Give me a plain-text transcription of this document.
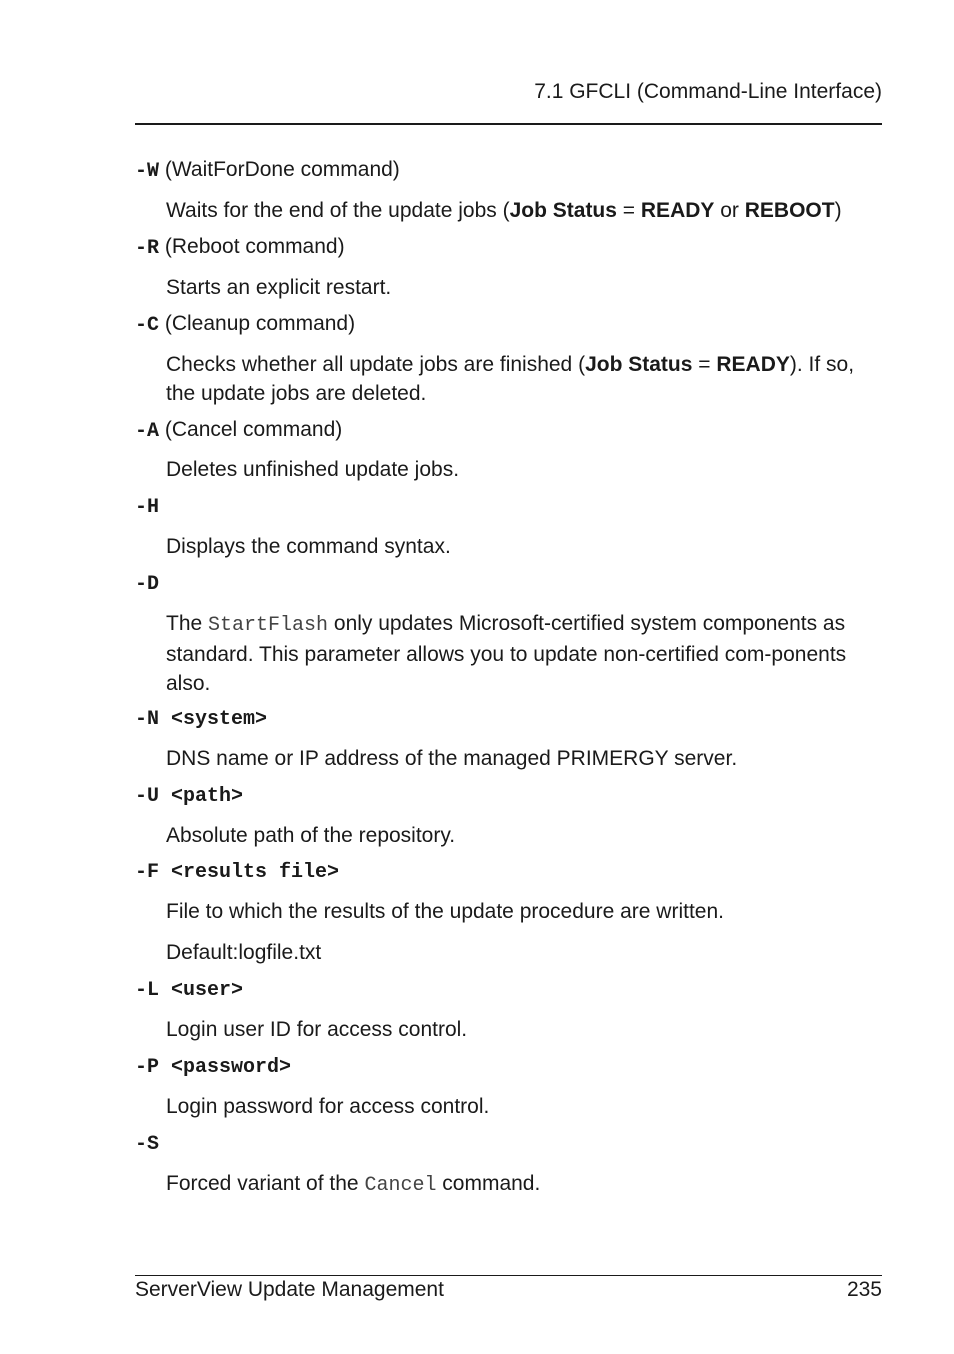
7.1 GFCLI (Command-Line Interface)
-W (WaitForDone command)
Waits for the end of the update jobs (Job Status = READY or REBOOT)
-R (Reboot command)
Starts an explicit restart.
-C (Cleanup command)
Checks whether all update jobs are finished (Job Status = READY). If so, the update jobs are deleted.
-A (Cancel command)
Deletes unfinished update jobs.
-H
Displays the command syntax.
-D
The StartFlash only updates Microsoft-certified system components as standard. This parameter allows you to update non-certified com-ponents also.
-N <system>
DNS name or IP address of the managed PRIMERGY server.
-U <path>
Absolute path of the repository.
-F <results file>
File to which the results of the update procedure are written.
Default:logfile.txt
-L <user>
Login user ID for access control.
-P <password>
Login password for access control.
-S
Forced variant of the Cancel command.
ServerView Update Management	235
